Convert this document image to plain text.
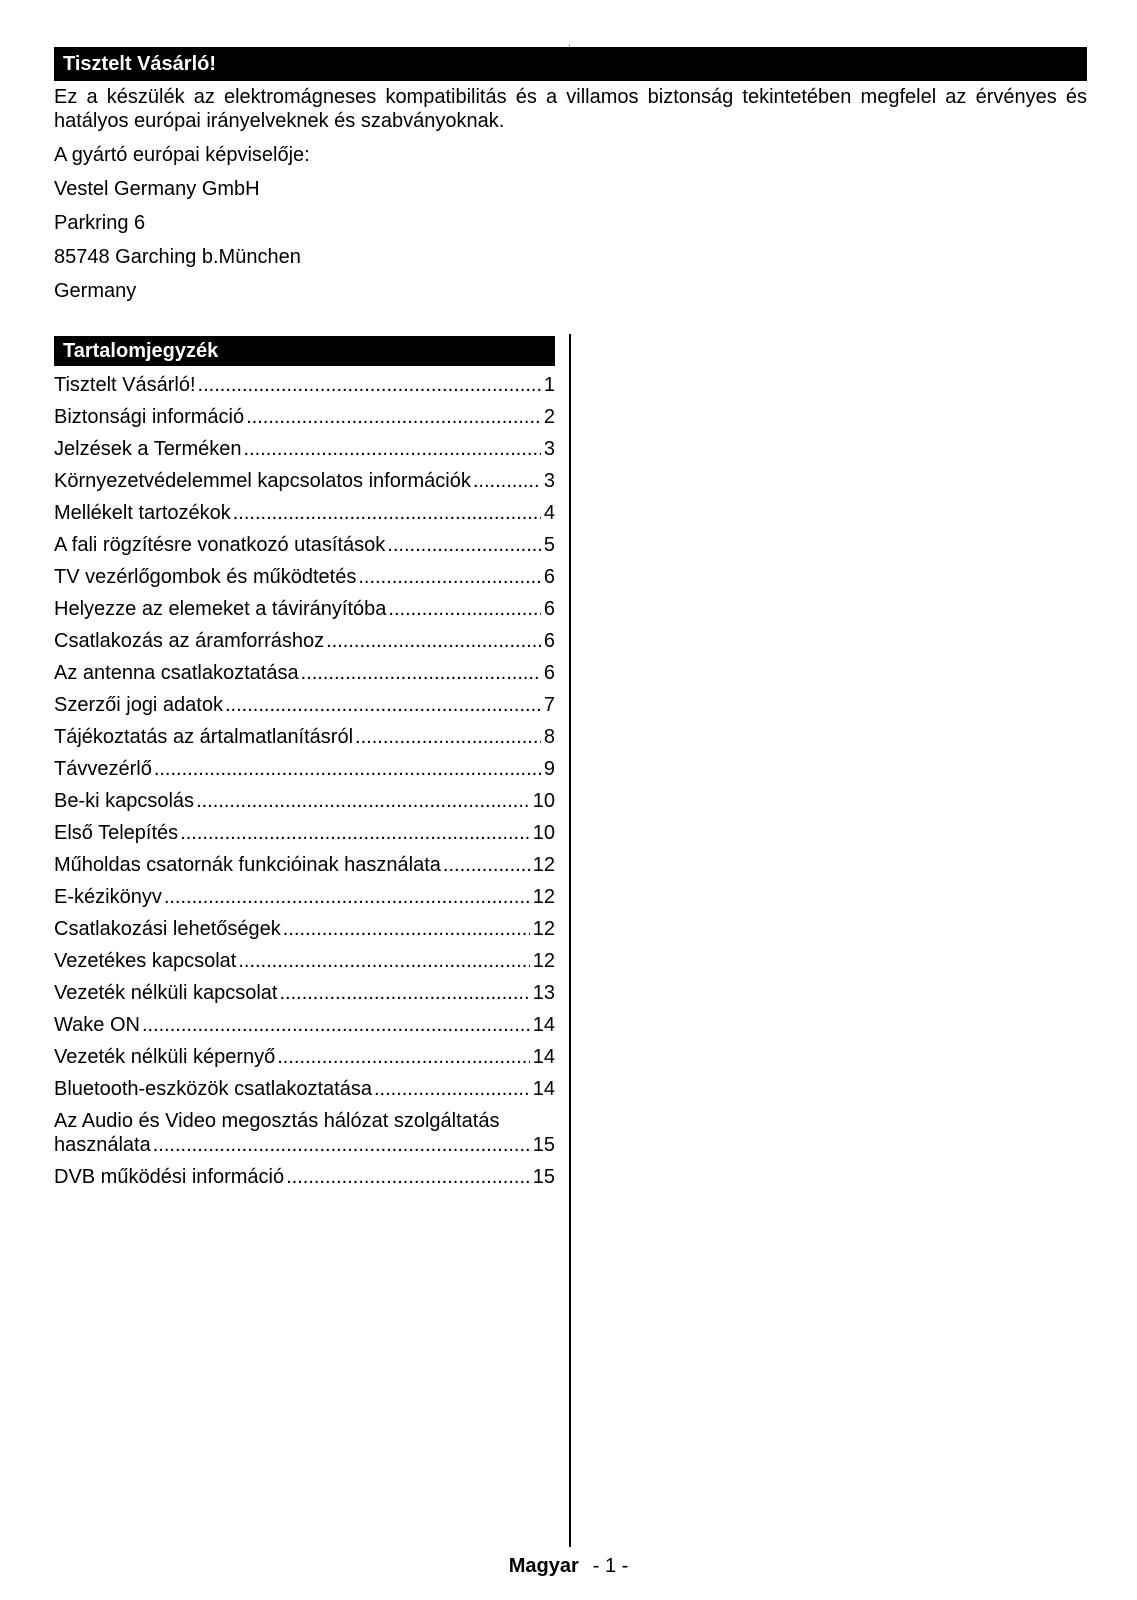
Tisztelt Vásárló!

Ez a készülék az elektromágneses kompatibilitás és a villamos biztonság tekintetében megfelel az érvényes és hatályos európai irányelveknek és szabványoknak.

A gyártó európai képviselője:
Vestel Germany GmbH
Parkring 6
85748 Garching b.München
Germany
Tartalomjegyzék
Tisztelt Vásárló! .....	1
Biztonsági információ .....	2
Jelzések a Terméken .....	3
Környezetvédelemmel kapcsolatos információk .....	3
Mellékelt tartozékok .....	4
A fali rögzítésre vonatkozó utasítások .....	5
TV vezérlőgombok és működtetés .....	6
Helyezze az elemeket a távirányítóba .....	6
Csatlakozás az áramforráshoz .....	6
Az antenna csatlakoztatása .....	6
Szerzői jogi adatok .....	7
Tájékoztatás az ártalmatlanításról .....	8
Távvezérlő .....	9
Be-ki kapcsolás .....	10
Első Telepítés .....	10
Műholdas csatornák funkcióinak használata .....	12
E-kézikönyv .....	12
Csatlakozási lehetőségek .....	12
Vezetékes kapcsolat .....	12
Vezeték nélküli kapcsolat .....	13
Wake ON .....	14
Vezeték nélküli képernyő .....	14
Bluetooth-eszközök csatlakoztatása .....	14
Az Audio és Video megosztás hálózat szolgáltatás
használata .....	15
DVB működési információ .....	15
Magyar - 1 -
